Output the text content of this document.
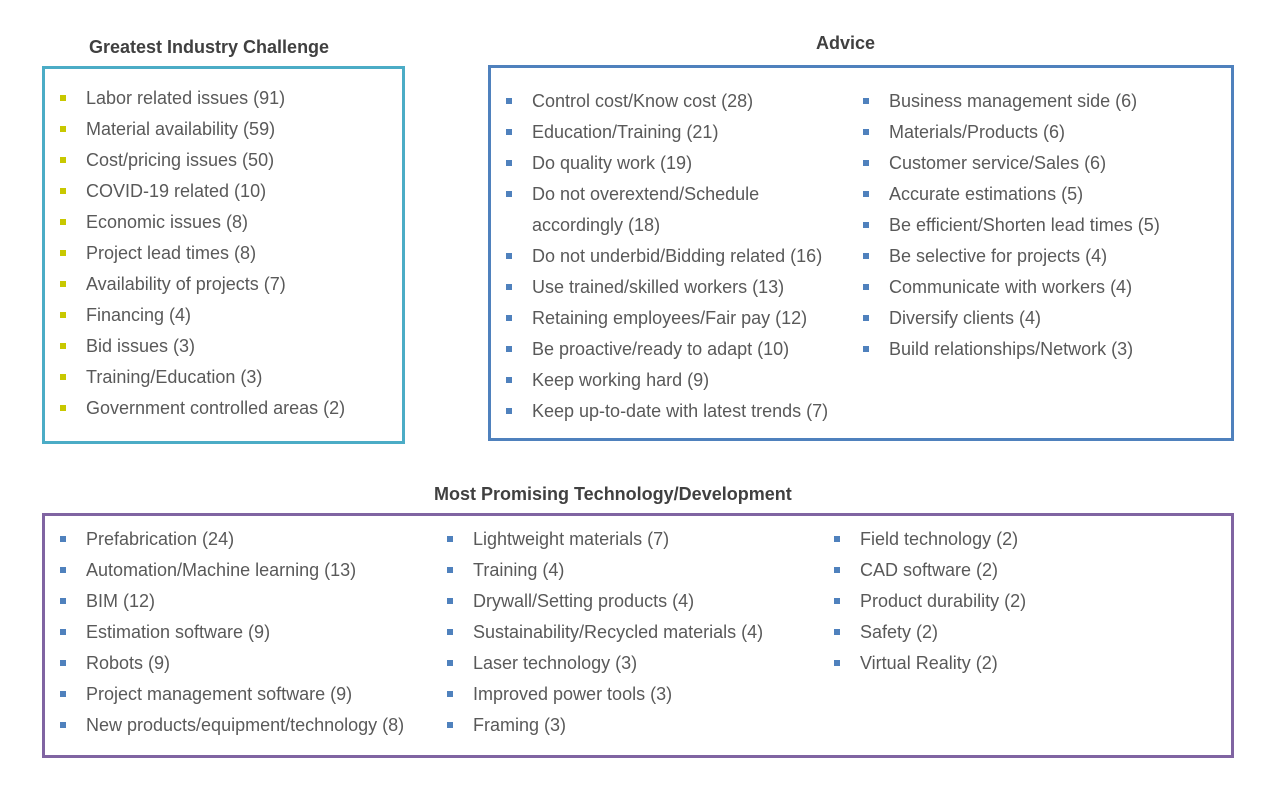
Greatest Industry Challenge
Labor related issues (91)
Material availability (59)
Cost/pricing issues (50)
COVID-19 related (10)
Economic issues (8)
Project lead times (8)
Availability of projects (7)
Financing (4)
Bid issues (3)
Training/Education (3)
Government controlled areas (2)
Advice
Control cost/Know cost (28)
Education/Training (21)
Do quality work (19)
Do not overextend/Schedule accordingly (18)
Do not underbid/Bidding related (16)
Use trained/skilled workers (13)
Retaining employees/Fair pay (12)
Be proactive/ready to adapt (10)
Keep working hard (9)
Keep up-to-date with latest trends (7)
Business management side (6)
Materials/Products (6)
Customer service/Sales (6)
Accurate estimations (5)
Be efficient/Shorten lead times (5)
Be selective for projects (4)
Communicate with workers (4)
Diversify clients (4)
Build relationships/Network (3)
Most Promising Technology/Development
Prefabrication (24)
Automation/Machine learning (13)
BIM (12)
Estimation software (9)
Robots (9)
Project management software (9)
New products/equipment/technology (8)
Lightweight materials (7)
Training (4)
Drywall/Setting products (4)
Sustainability/Recycled materials (4)
Laser technology (3)
Improved power tools (3)
Framing (3)
Field technology (2)
CAD software (2)
Product durability (2)
Safety (2)
Virtual Reality (2)
